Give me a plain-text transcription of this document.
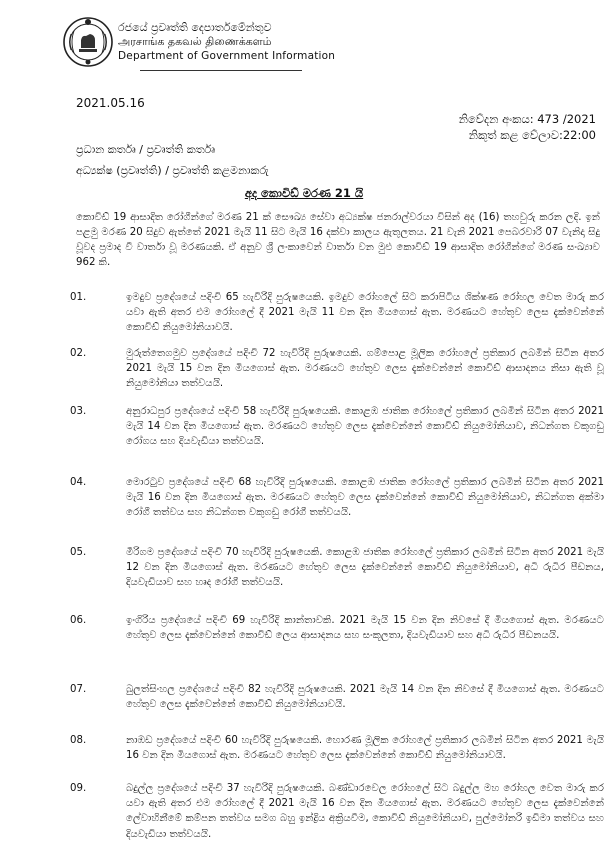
රජයේ ප්‍රවෘත්ති දෙපාර්තමේන්තුව
அரசாங்க தகவல் திணைக்களம்
Department of Government Information
2021.05.16
නිවේදන අංකය: 473 /2021
නිකුත් කළ වේලාව:22:00
ප්‍රධාන කර්තෘ / ප්‍රවෘත්ති කර්තෘ
අධ්‍යක්ෂ (ප්‍රවෘත්ති) / ප්‍රවෘත්ති කළමනාකරු
අද කොවිඩ් මරණ 21 යි
කොවිඩ් 19 ආසාදිත රෝගීන්ගේ මරණ 21 ක් සෞඛ්‍ය සේවා අධ්‍යක්ෂ ජනරාල්වරයා විසින් අද (16) තහවුරු කරන ලදි. ඉන් පළමු මරණ 20 සිදුව ඇත්තේ 2021 මැයි 11 සිට මැයි 16 දක්වා කාලය ඇතුලතය. 21 වැනි 2021 පෙබරවාරි 07 වැනිදා සිදු වූවද ප්‍රමාද වී වාර්තා වූ මරණයකි. ඒ අනුව ශ්‍රී ලංකාවෙන් වාර්තා වන මුළු කොවිඩ් 19 ආසාදිත රෝගීන්ගේ මරණ සංඛ්‍යාව 962 කි.
01.	ඉමදුව ප්‍රදේශයේ පදිංචි 65 හැවිරිදි පුරුෂයෙකි. ඉමදුව රෝහලේ සිට කරාපිටිය ශික්ෂණ රෝහල වෙත මාරු කර යවා ඇති අතර එම රෝහලේ දී 2021 මැයි 11 වන දින මියගොස් ඇත. මරණයට හේතුව ලෙස දැක්වෙන්නේ කොවිඩ් නියුමෝනියාවයි.
02.	මුරුත්තෙගමුව ප්‍රදේශයේ පදිංචි 72 හැවිරිදි පුරුෂයෙකි. ගම්පොළ මූලික රෝහලේ ප්‍රතිකාර ලබමින් සිටින අතර 2021 මැයි 15 වන දින මියගොස් ඇත. මරණයට හේතුව ලෙස දැක්වෙන්නේ කොවිඩ් ආසාදනය නිසා ඇති වූ නියුමෝනියා තත්වයයි.
03.	අනුරාධපුර ප්‍රදේශයේ පදිංචි 58 හැවිරිදි පුරුෂයෙකි. කොළඹ ජාතික රෝහලේ ප්‍රතිකාර ලබමින් සිටින අතර 2021 මැයි 14 වන දින මියගොස් ඇත. මරණයට හේතුව ලෙස දැක්වෙන්නේ කොවිඩ් නියුමෝනියාව, නිධන්ගත වකුගඩු රෝගය සහ දියවැඩියා තත්වයයි.
04.	මොරටුව ප්‍රදේශයේ පදිංචි 68 හැවිරිදි පුරුෂයෙකි. කොළඹ ජාතික රෝහලේ ප්‍රතිකාර ලබමින් සිටින අතර 2021 මැයි 16 වන දින මියගොස් ඇත. මරණයට හේතුව ලෙස දැක්වෙන්නේ කොවිඩ් නියුමෝනියාව, නිධන්ගත අක්මා රෝගී තත්වය සහ නිධන්ගත වකුගඩු රෝගී තත්වයයි.
05.	මීරිගම ප්‍රදේශයේ පදිංචි 70 හැවිරිදි පුරුෂයෙකි. කොළඹ ජාතික රෝහලේ ප්‍රතිකාර ලබමින් සිටින අතර 2021 මැයි 12 වන දින මියගොස් ඇත. මරණයට හේතුව ලෙස දැක්වෙන්නේ කොවිඩ් නියුමෝනියාව, අධි රුධිර පීඩනය, දියවැඩියාව සහ හෘද රෝගී තත්වයයි.
06.	ඉංගිරිය ප්‍රදේශයේ පදිංචි 69 හැවිරිදි කාන්තාවකි. 2021 මැයි 15 වන දින නිවසේ දී මියගොස් ඇත. මරණයට හේතුව ලෙස දැක්වෙන්නේ කොවිඩ් ලෙය ආසාදනය සහ සංකූලතා, දියවැඩියාව සහ අධි රුධිර පීඩනයයි.
07.	බුලත්සිංහල ප්‍රදේශයේ පදිංචි 82 හැවිරිදි පුරුෂයෙකි. 2021 මැයි 14 වන දින නිවසේ දී මියගොස් ඇත. මරණයට හේතුව ලෙස දැක්වෙන්නේ කොවිඩ් නියුමෝනියාවයි.
08.	නාඹඩ ප්‍රදේශයේ පදිංචි 60 හැවිරිදි පුරුෂයෙකි. හොරණ මූලික රෝහලේ ප්‍රතිකාර ලබමින් සිටින අතර 2021 මැයි 16 වන දින මියගොස් ඇත. මරණයට හේතුව ලෙස දැක්වෙන්නේ කොවිඩ් නියුමෝනියාවයි.
09.	බදුල්ල ප්‍රදේශයේ පදිංචි 37 හැවිරිදි පුරුෂයෙකි. බණ්ඩාරවෙල රෝහලේ සිට බදුල්ල මහ රෝහල වෙත මාරු කර යවා ඇති අතර එම රෝහලේ දී 2021 මැයි 16 වන දින මියගොස් ඇත. මරණයට හේතුව ලෙස දැක්වෙන්නේ ලේවාහිනීමේ කම්පන තත්වය සමග බහු ඉන්ද්‍රිය අක්‍රියවීම, කොවිඩ් නියුමෝනියාව, පුල්මෝනරි ඉඩිමා තත්වය සහ දියවැඩියා තත්වයයි.
